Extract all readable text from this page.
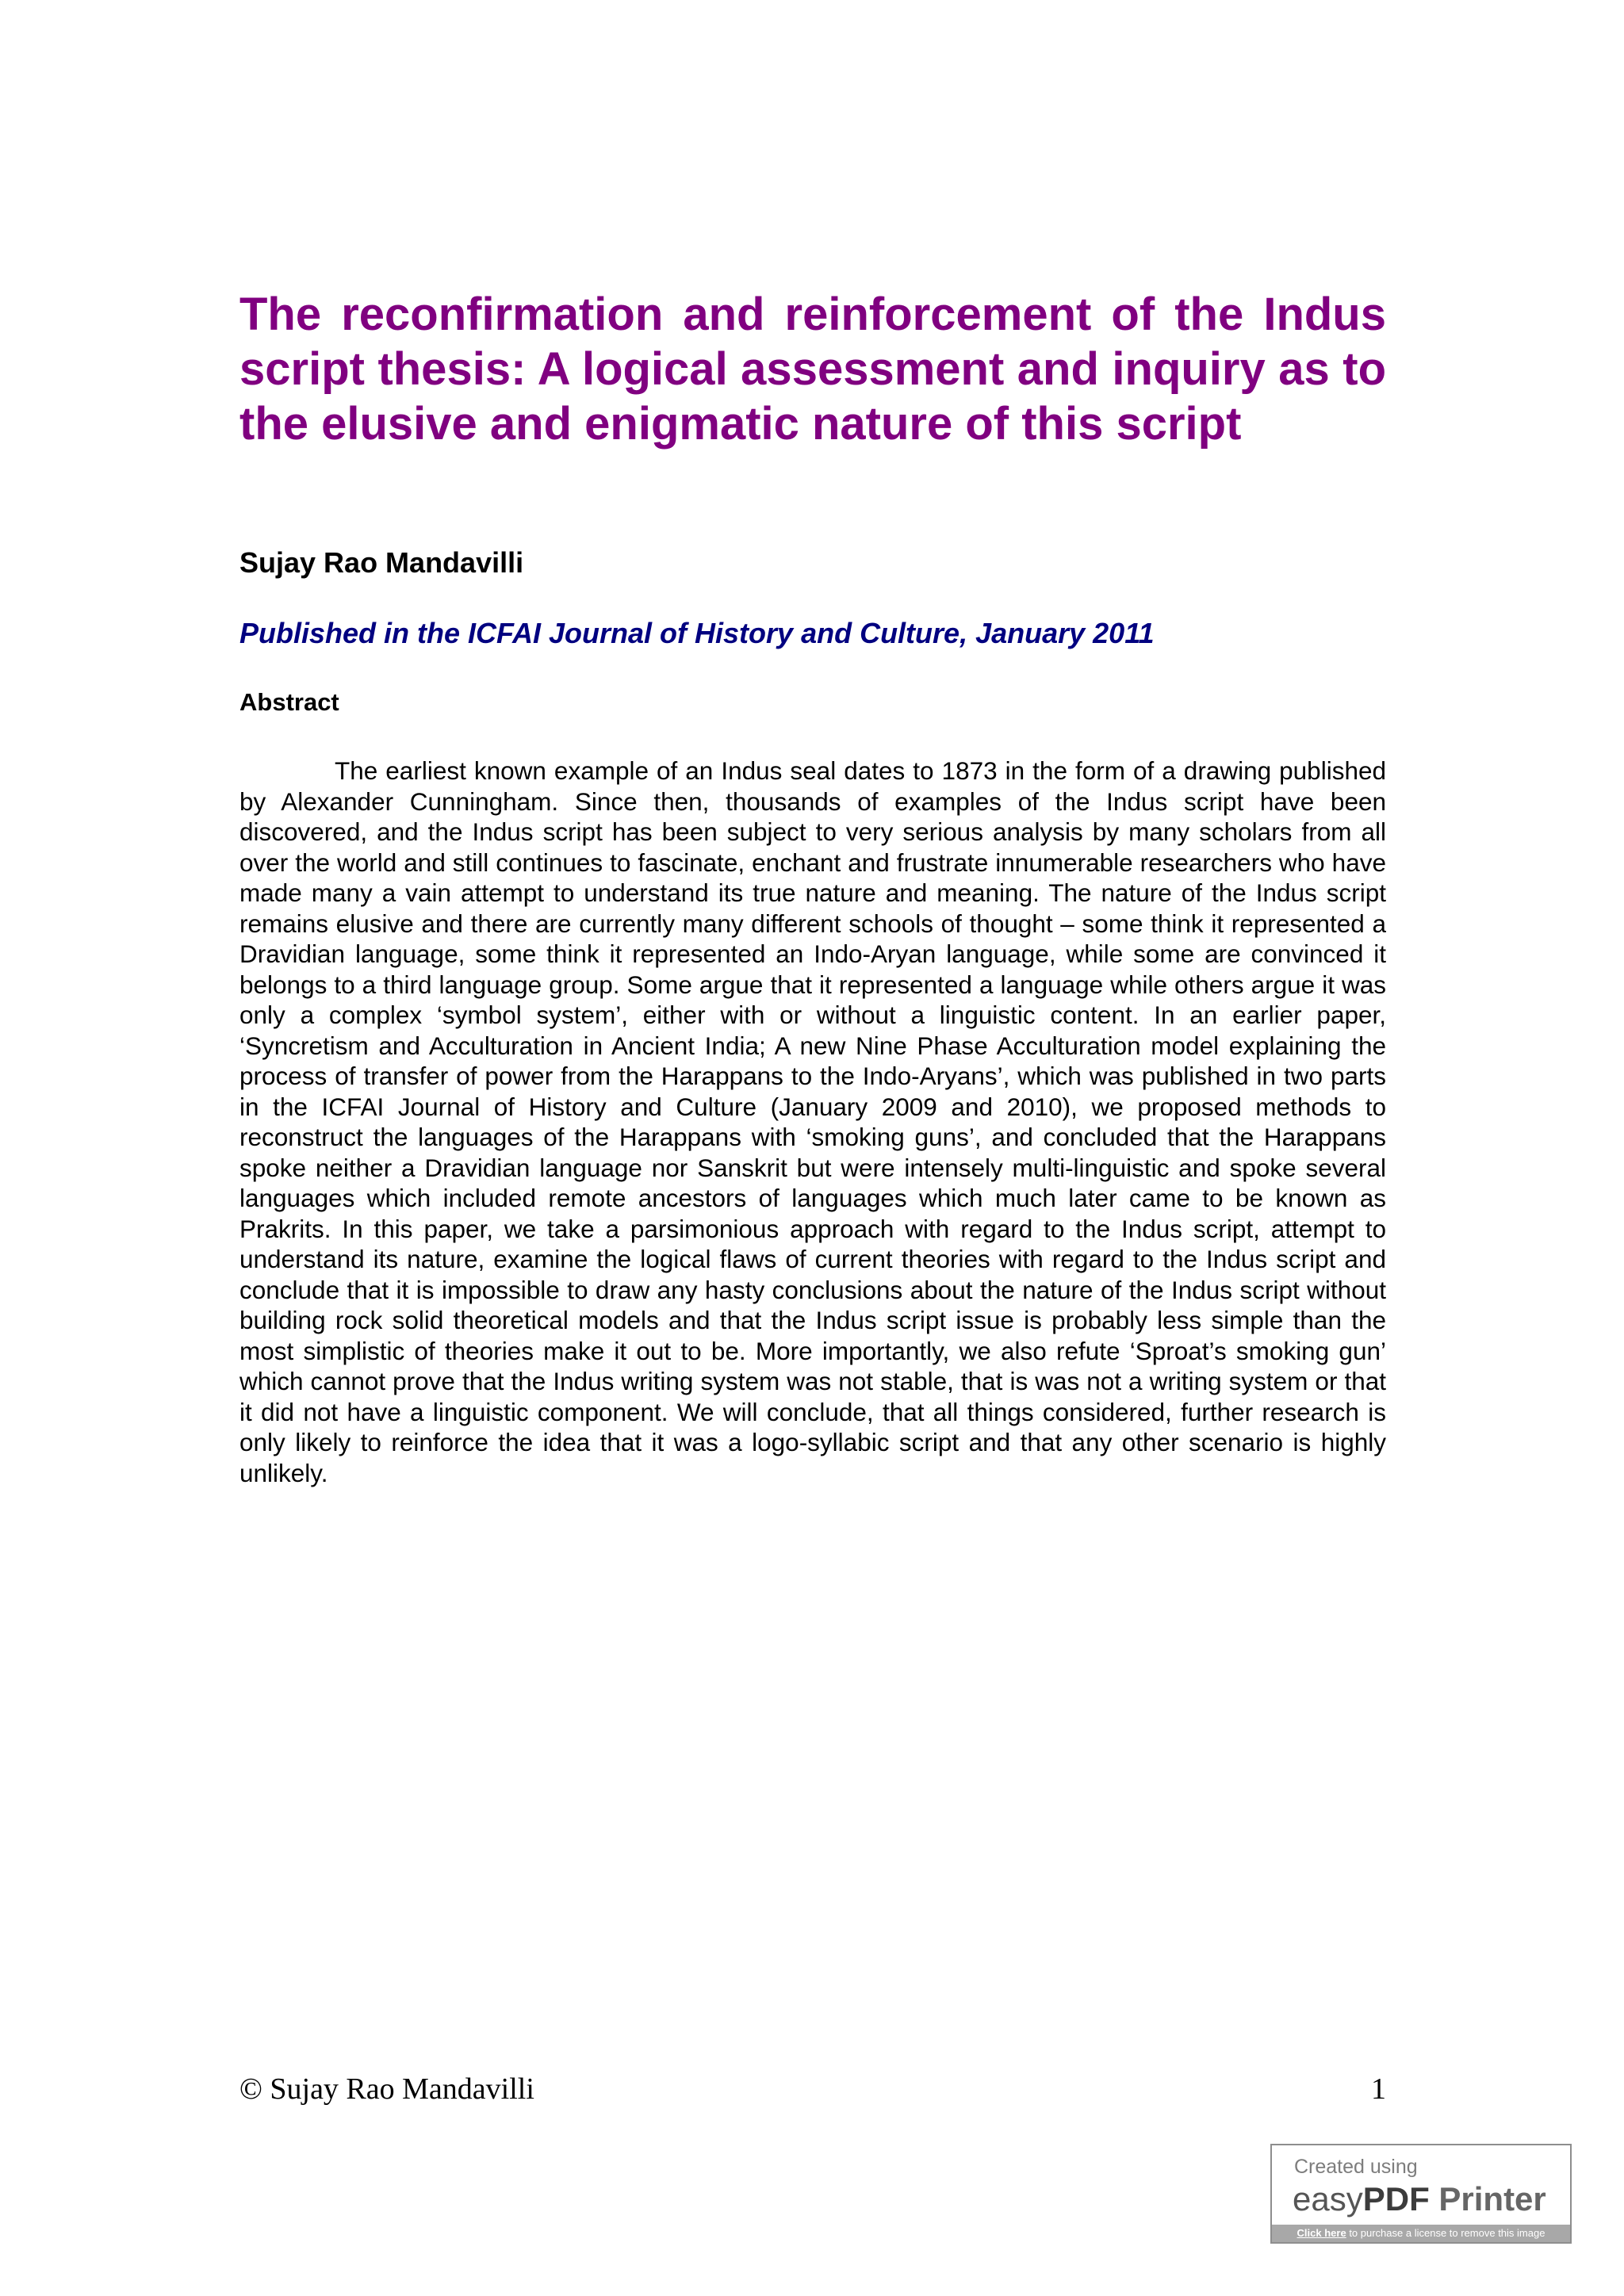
The reconfirmation and reinforcement of the Indus script thesis: A logical assessment and inquiry as to the elusive and enigmatic nature of this script

Sujay Rao Mandavilli

Published in the ICFAI Journal of History and Culture, January 2011

Abstract

The earliest known example of an Indus seal dates to 1873 in the form of a drawing published by Alexander Cunningham. Since then, thousands of examples of the Indus script have been discovered, and the Indus script has been subject to very serious analysis by many scholars from all over the world and still continues to fascinate, enchant and frustrate innumerable researchers who have made many a vain attempt to understand its true nature and meaning. The nature of the Indus script remains elusive and there are currently many different schools of thought – some think it represented a Dravidian language, some think it represented an Indo-Aryan language, while some are convinced it belongs to a third language group. Some argue that it represented a language while others argue it was only a complex ‘symbol system’, either with or without a linguistic content. In an earlier paper, ‘Syncretism and Acculturation in Ancient India; A new Nine Phase Acculturation model explaining the process of transfer of power from the Harappans to the Indo-Aryans’, which was published in two parts in the ICFAI Journal of History and Culture (January 2009 and 2010), we proposed methods to reconstruct the languages of the Harappans with ‘smoking guns’, and concluded that the Harappans spoke neither a Dravidian language nor Sanskrit but were intensely multi-linguistic and spoke several languages which included remote ancestors of languages which much later came to be known as Prakrits. In this paper, we take a parsimonious approach with regard to the Indus script, attempt to understand its nature, examine the logical flaws of current theories with regard to the Indus script and conclude that it is impossible to draw any hasty conclusions about the nature of the Indus script without building rock solid theoretical models and that the Indus script issue is probably less simple than the most simplistic of theories make it out to be. More importantly, we also refute ‘Sproat’s smoking gun’ which cannot prove that the Indus writing system was not stable, that is was not a writing system or that it did not have a linguistic component. We will conclude, that all things considered, further research is only likely to reinforce the idea that it was a logo-syllabic script and that any other scenario is highly unlikely.

© Sujay Rao Mandavilli	1
Created using
easyPDF Printer
Click here to purchase a license to remove this image
